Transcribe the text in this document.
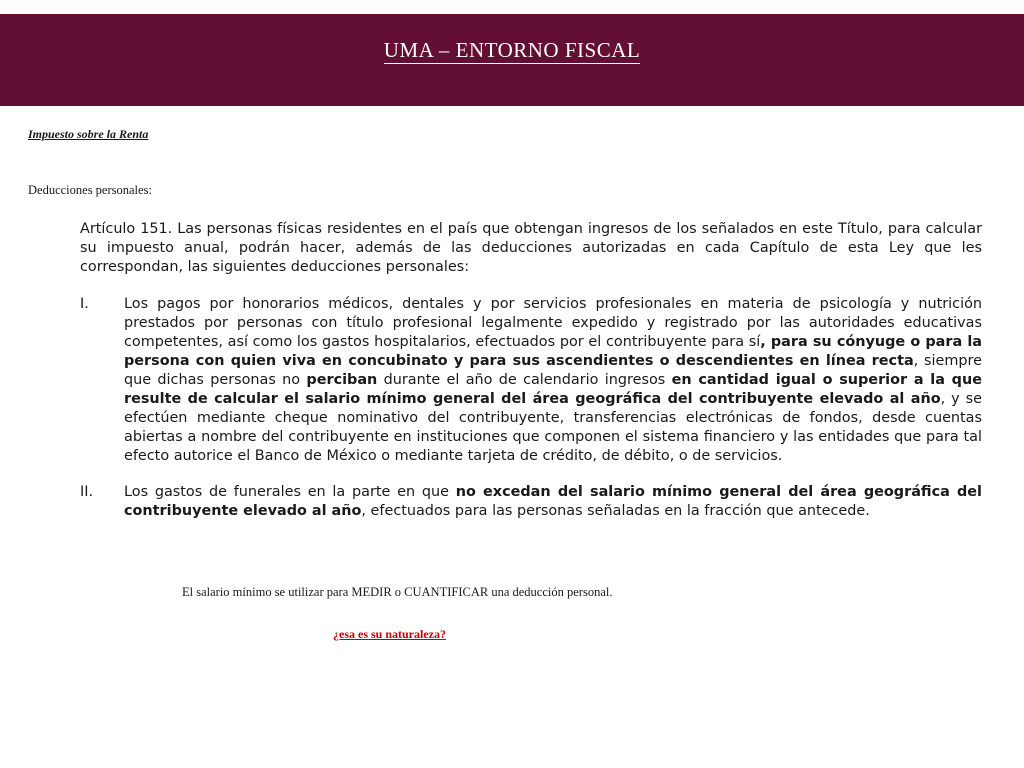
UMA – ENTORNO FISCAL
Impuesto sobre la Renta
Deducciones personales:

Artículo 151. Las personas físicas residentes en el país que obtengan ingresos de los señalados en este Título, para calcular su impuesto anual, podrán hacer, además de las deducciones autorizadas en cada Capítulo de esta Ley que les correspondan, las siguientes deducciones personales:

I.	Los pagos por honorarios médicos, dentales y por servicios profesionales en materia de psicología y nutrición prestados por personas con título profesional legalmente expedido y registrado por las autoridades educativas competentes, así como los gastos hospitalarios, efectuados por el contribuyente para sí, para su cónyuge o para la persona con quien viva en concubinato y para sus ascendientes o descendientes en línea recta, siempre que dichas personas no perciban durante el año de calendario ingresos en cantidad igual o superior a la que resulte de calcular el salario mínimo general del área geográfica del contribuyente elevado al año, y se efectúen mediante cheque nominativo del contribuyente, transferencias electrónicas de fondos, desde cuentas abiertas a nombre del contribuyente en instituciones que componen el sistema financiero y las entidades que para tal efecto autorice el Banco de México o mediante tarjeta de crédito, de débito, o de servicios.
II.	Los gastos de funerales en la parte en que no excedan del salario mínimo general del área geográfica del contribuyente elevado al año, efectuados para las personas señaladas en la fracción que antecede.
El salario mínimo se utilizar para MEDIR o CUANTIFICAR una deducción personal.
¿esa es su naturaleza?
